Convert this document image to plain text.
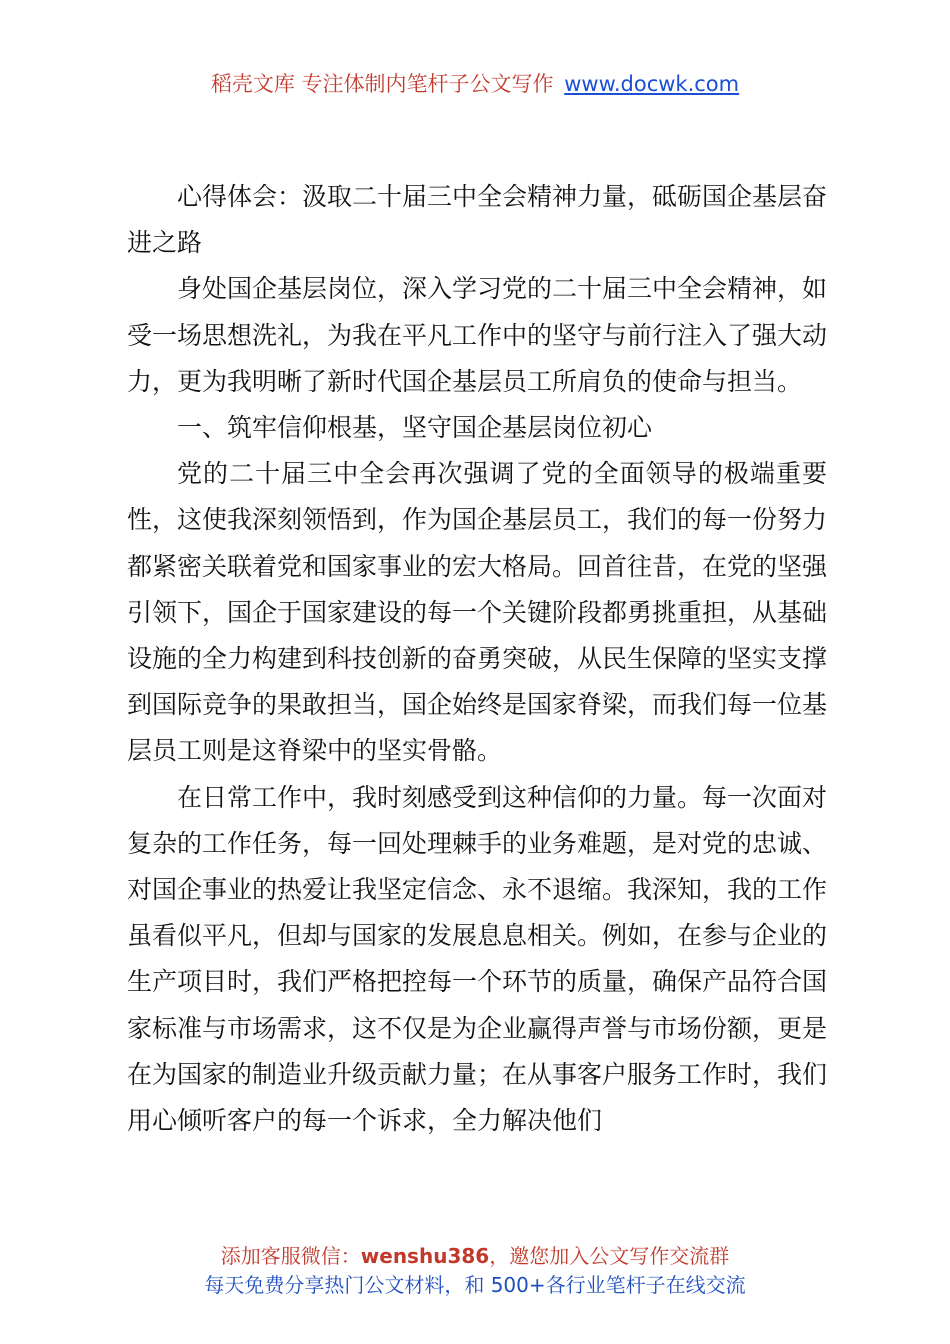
稻壳文库 专注体制内笔杆子公文写作 www.docwk.com

心得体会：汲取二十届三中全会精神力量，砥砺国企基层奋进之路

身处国企基层岗位，深入学习党的二十届三中全会精神，如受一场思想洗礼，为我在平凡工作中的坚守与前行注入了强大动力，更为我明晰了新时代国企基层员工所肩负的使命与担当。

一、筑牢信仰根基，坚守国企基层岗位初心

党的二十届三中全会再次强调了党的全面领导的极端重要性，这使我深刻领悟到，作为国企基层员工，我们的每一份努力都紧密关联着党和国家事业的宏大格局。回首往昔，在党的坚强引领下，国企于国家建设的每一个关键阶段都勇挑重担，从基础设施的全力构建到科技创新的奋勇突破，从民生保障的坚实支撑到国际竞争的果敢担当，国企始终是国家脊梁，而我们每一位基层员工则是这脊梁中的坚实骨骼。

在日常工作中，我时刻感受到这种信仰的力量。每一次面对复杂的工作任务，每一回处理棘手的业务难题，是对党的忠诚、对国企事业的热爱让我坚定信念、永不退缩。我深知，我的工作虽看似平凡，但却与国家的发展息息相关。例如，在参与企业的生产项目时，我们严格把控每一个环节的质量，确保产品符合国家标准与市场需求，这不仅是为企业赢得声誉与市场份额，更是在为国家的制造业升级贡献力量；在从事客户服务工作时，我们用心倾听客户的每一个诉求，全力解决他们

添加客服微信：wenshu386，邀您加入公文写作交流群
每天免费分享热门公文材料，和 500+各行业笔杆子在线交流
